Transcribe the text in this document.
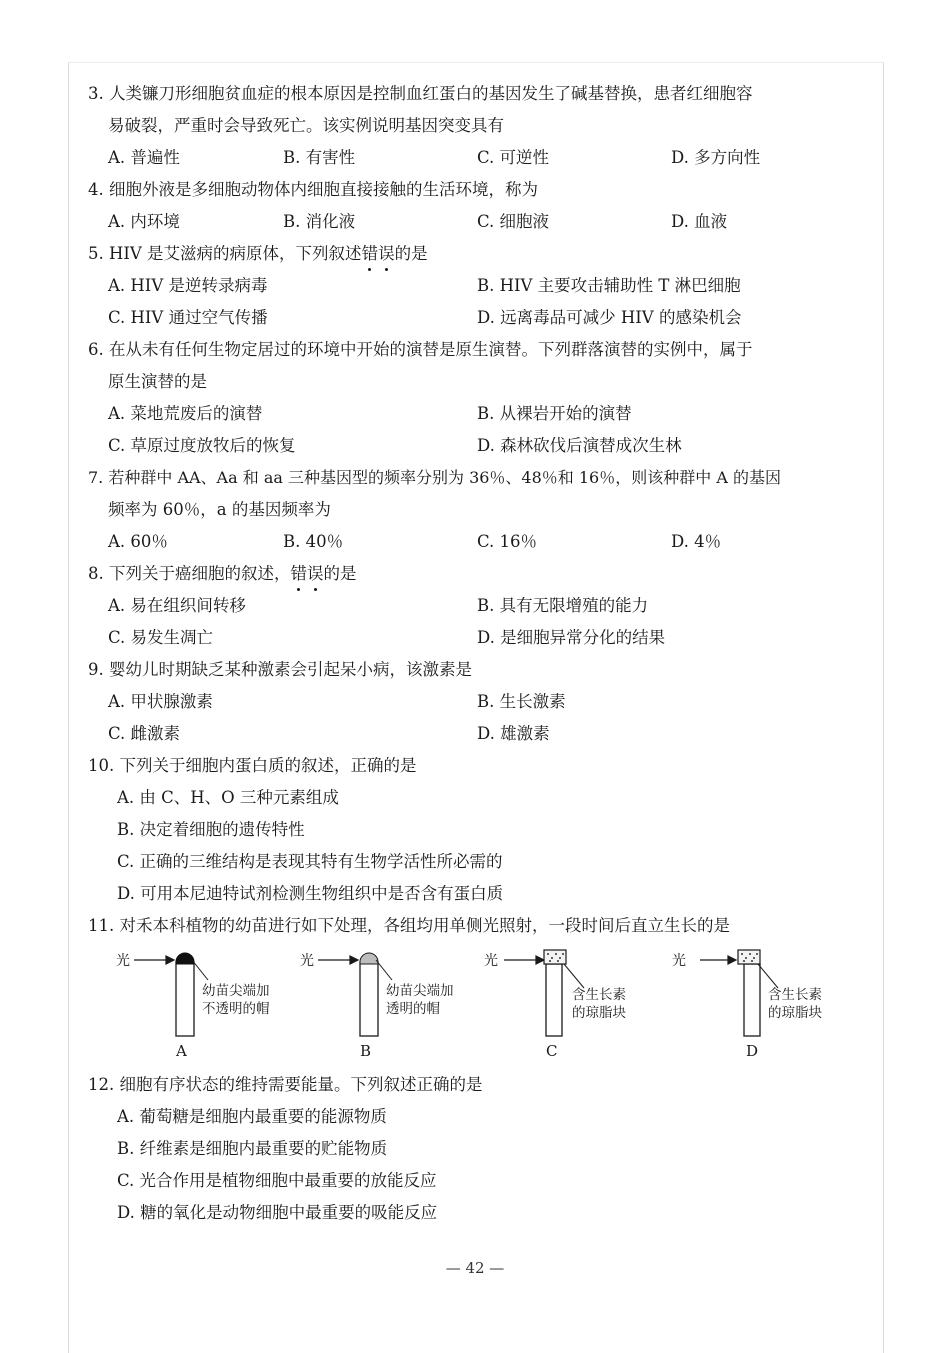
3. 人类镰刀形细胞贫血症的根本原因是控制血红蛋白的基因发生了碱基替换，患者红细胞容
易破裂，严重时会导致死亡。该实例说明基因突变具有
A. 普遍性	B. 有害性	C. 可逆性	D. 多方向性
4. 细胞外液是多细胞动物体内细胞直接接触的生活环境，称为
A. 内环境	B. 消化液	C. 细胞液	D. 血液
5. HIV 是艾滋病的病原体，下列叙述错误的是
A. HIV 是逆转录病毒	B. HIV 主要攻击辅助性 T 淋巴细胞
C. HIV 通过空气传播	D. 远离毒品可减少 HIV 的感染机会
6. 在从未有任何生物定居过的环境中开始的演替是原生演替。下列群落演替的实例中，属于
原生演替的是
A. 菜地荒废后的演替	B. 从裸岩开始的演替
C. 草原过度放牧后的恢复	D. 森林砍伐后演替成次生林
7. 若种群中 AA、Aa 和 aa 三种基因型的频率分别为 36％、48％和 16％，则该种群中 A 的基因
频率为 60％，a 的基因频率为
A. 60％	B. 40％	C. 16％	D. 4％
8. 下列关于癌细胞的叙述，错误的是
A. 易在组织间转移	B. 具有无限增殖的能力
C. 易发生凋亡	D. 是细胞异常分化的结果
9. 婴幼儿时期缺乏某种激素会引起呆小病，该激素是
A. 甲状腺激素	B. 生长激素
C. 雌激素	D. 雄激素
10. 下列关于细胞内蛋白质的叙述，正确的是
A. 由 C、H、O 三种元素组成
B. 决定着细胞的遗传特性
C. 正确的三维结构是表现其特有生物学活性所必需的
D. 可用本尼迪特试剂检测生物组织中是否含有蛋白质
11. 对禾本科植物的幼苗进行如下处理，各组均用单侧光照射，一段时间后直立生长的是
光	光	光	光
幼苗尖端加
不透明的帽
幼苗尖端加
透明的帽
含生长素
的琼脂块
含生长素
的琼脂块
A	B	C	D
12. 细胞有序状态的维持需要能量。下列叙述正确的是
A. 葡萄糖是细胞内最重要的能源物质
B. 纤维素是细胞内最重要的贮能物质
C. 光合作用是植物细胞中最重要的放能反应
D. 糖的氧化是动物细胞中最重要的吸能反应
— 42 —
